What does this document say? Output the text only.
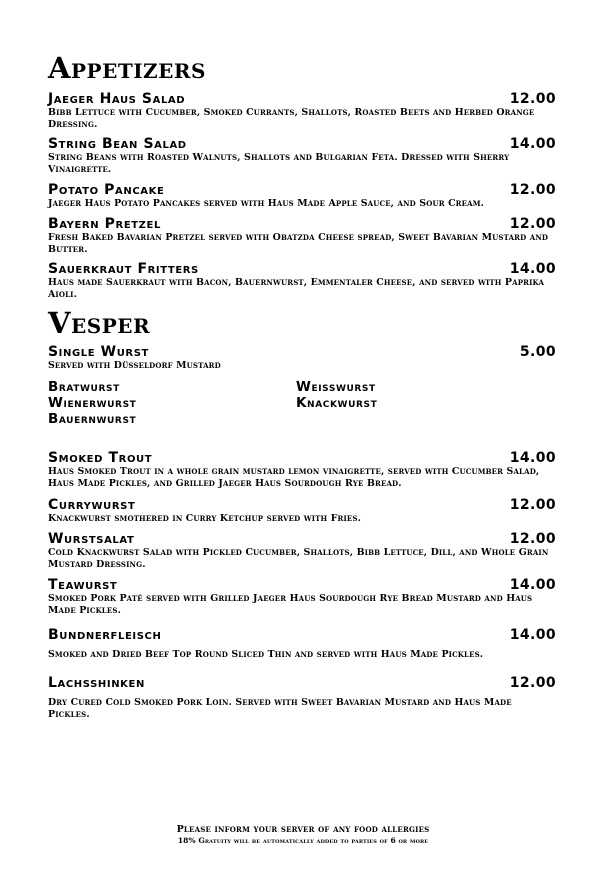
Appetizers
Jaeger Haus Salad	12.00
Bibb Lettuce with Cucumber, Smoked Currants, Shallots, Roasted Beets and Herbed Orange Dressing.
String Bean Salad	14.00
String Beans with Roasted Walnuts, Shallots and Bulgarian Feta. Dressed with Sherry Vinaigrette.
Potato Pancake	12.00
Jaeger Haus Potato Pancakes served with Haus Made Apple Sauce, and Sour Cream.
Bayern Pretzel	12.00
Fresh Baked Bavarian Pretzel served with Obatzda Cheese spread, Sweet Bavarian Mustard and Butter.
Sauerkraut Fritters	14.00
Haus made Sauerkraut with Bacon, Bauernwurst, Emmentaler Cheese, and served with Paprika Aioli.
Vesper
Single Wurst	5.00
Served with Düsseldorf Mustard
Bratwurst
Wienerwurst
Bauernwurst
Weisswurst
Knackwurst
Smoked Trout	14.00
Haus Smoked Trout in a whole grain mustard lemon vinaigrette, served with Cucumber Salad, Haus Made Pickles, and Grilled Jaeger Haus Sourdough Rye Bread.
Currywurst	12.00
Knackwurst smothered in Curry Ketchup served with Fries.
Wurstsalat	12.00
Cold Knackwurst Salad with Pickled Cucumber, Shallots, Bibb Lettuce, Dill, and Whole Grain Mustard Dressing.
Teawurst	14.00
Smoked Pork Paté served with Grilled Jaeger Haus Sourdough Rye Bread Mustard and Haus Made Pickles.
Bundnerfleisch	14.00
Smoked and Dried Beef Top Round Sliced Thin and served with Haus Made Pickles.
Lachsshinken	12.00
Dry Cured Cold Smoked Pork Loin. Served with Sweet Bavarian Mustard and Haus Made Pickles.
Please inform your server of any food allergies
18% Gratuity will be automatically added to parties of 6 or more
